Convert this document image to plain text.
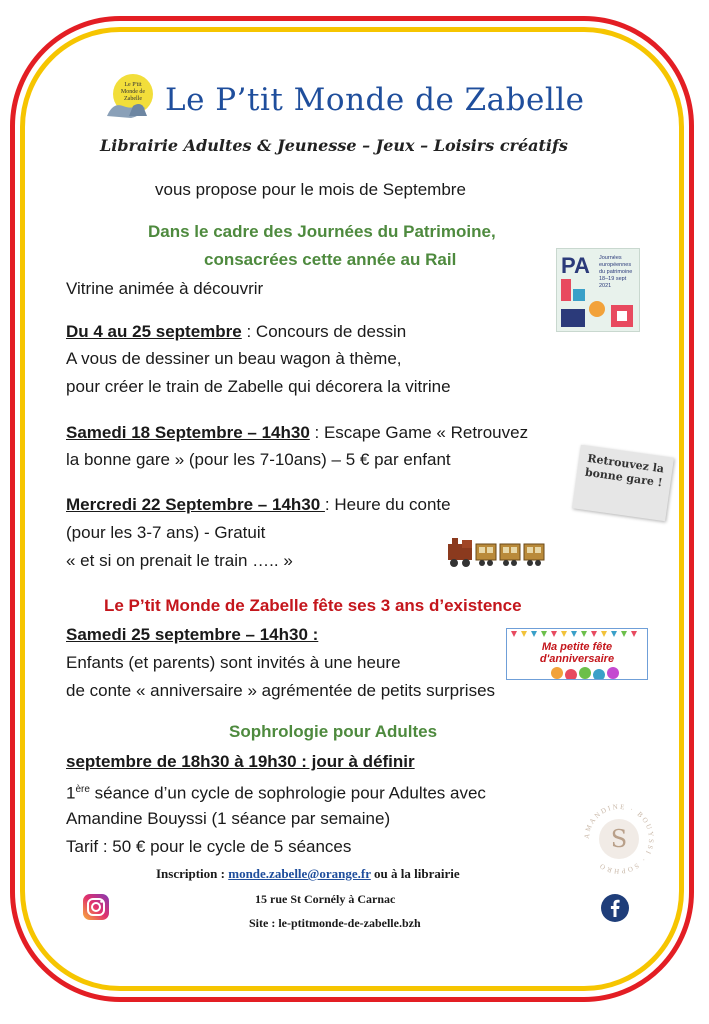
Le P'tit
Monde de
Zabelle Le P’tit Monde de Zabelle
Librairie Adultes & Jeunesse – Jeux – Loisirs créatifs
vous propose pour le mois de Septembre
Dans le cadre des Journées du Patrimoine,
consacrées cette année au Rail
Vitrine animée à découvrir
PA Journées européennes du patrimoine 18–19 sept 2021
Du 4 au 25 septembre : Concours de dessin
A vous de dessiner un beau wagon à thème,
pour créer le train de Zabelle qui décorera la vitrine
Samedi 18 Septembre – 14h30 : Escape Game « Retrouvez
la bonne gare » (pour les 7-10ans) – 5 € par enfant	Retrouvez la bonne gare !
Mercredi 22 Septembre – 14h30 : Heure du conte
(pour les 3-7 ans) - Gratuit
« et si on prenait le train ….. »
Le P’tit Monde de Zabelle fête ses 3 ans d’existence
Samedi 25 septembre – 14h30 :
Enfants (et parents) sont invités à une heure
de conte « anniversaire » agrémentée de petits surprises
Ma petite fête d'anniversaire
Sophrologie pour Adultes
septembre de 18h30 à 19h30 : jour à définir
1ère séance d’un cycle de sophrologie pour Adultes avec
Amandine Bouyssi (1 séance par semaine)
Tarif : 50 € pour le cycle de 5 séances
AMANDINE · BOUYSSI · SOPHRO
S
Inscription : monde.zabelle@orange.fr ou à la librairie
15 rue St Cornély à Carnac
Site : le-ptitmonde-de-zabelle.bzh
